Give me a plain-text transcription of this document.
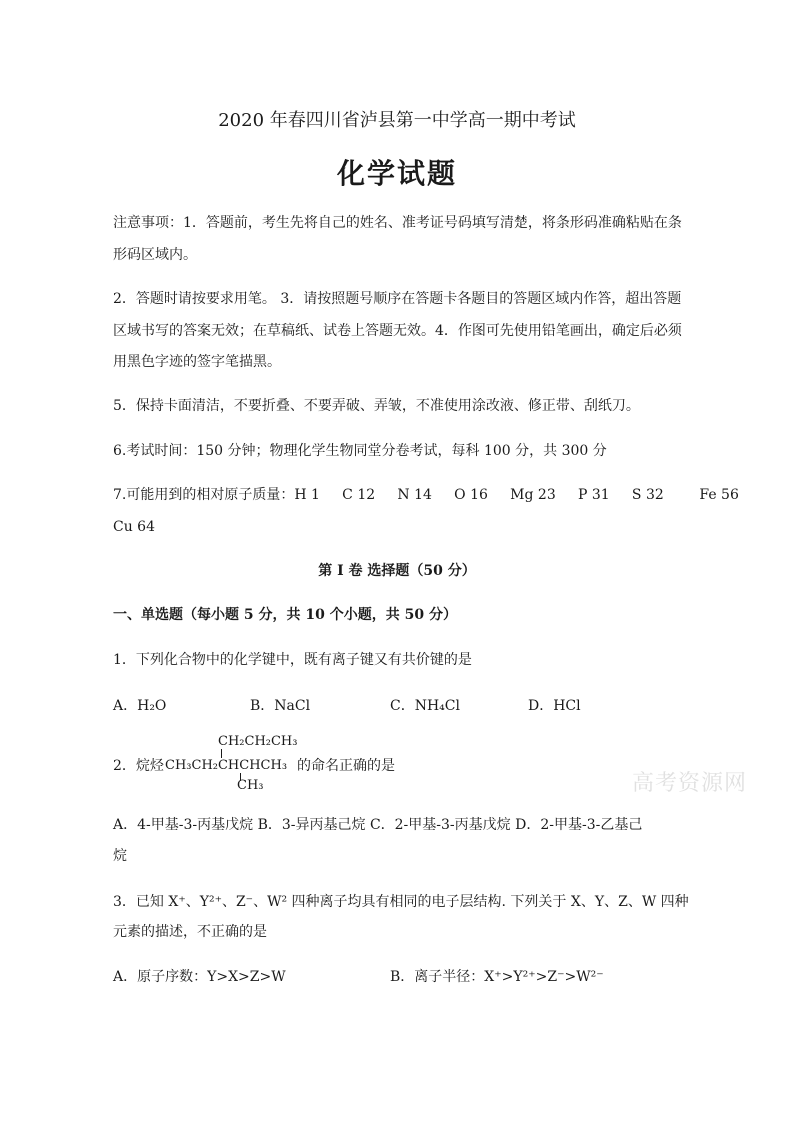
2020 年春四川省泸县第一中学高一期中考试
化学试题
注意事项：1．答题前，考生先将自己的姓名、准考证号码填写清楚，将条形码准确粘贴在条
形码区域内。
2．答题时请按要求用笔。 3．请按照题号顺序在答题卡各题目的答题区域内作答，超出答题
区域书写的答案无效；在草稿纸、试卷上答题无效。4．作图可先使用铅笔画出，确定后必须
用黑色字迹的签字笔描黑。
5．保持卡面清洁，不要折叠、不要弄破、弄皱，不准使用涂改液、修正带、刮纸刀。
6.考试时间：150 分钟；物理化学生物同堂分卷考试，每科 100 分，共 300 分
7.可能用到的相对原子质量：H 1     C 12     N 14     O 16     Mg 23     P 31     S 32        Fe 56
Cu 64
第 I 卷 选择题（50 分）
一、单选题（每小题 5 分，共 10 个小题，共 50 分）
1．下列化合物中的化学键中，既有离子键又有共价键的是
A．H₂O	B．NaCl	C．NH₄Cl	D．HCl
2．烷烃
CH₂CH₂CH₃
CH₃CH₂CHCHCH₃
CH₃
的命名正确的是
高考资源网
A．4-甲基-3-丙基戊烷 B．3-异丙基己烷 C．2-甲基-3-丙基戊烷 D．2-甲基-3-乙基己
烷
3．已知 X⁺、Y²⁺、Z⁻、W² 四种离子均具有相同的电子层结构. 下列关于 X、Y、Z、W 四种
元素的描述，不正确的是
A．原子序数：Y>X>Z>W	B．离子半径：X⁺>Y²⁺>Z⁻>W²⁻
